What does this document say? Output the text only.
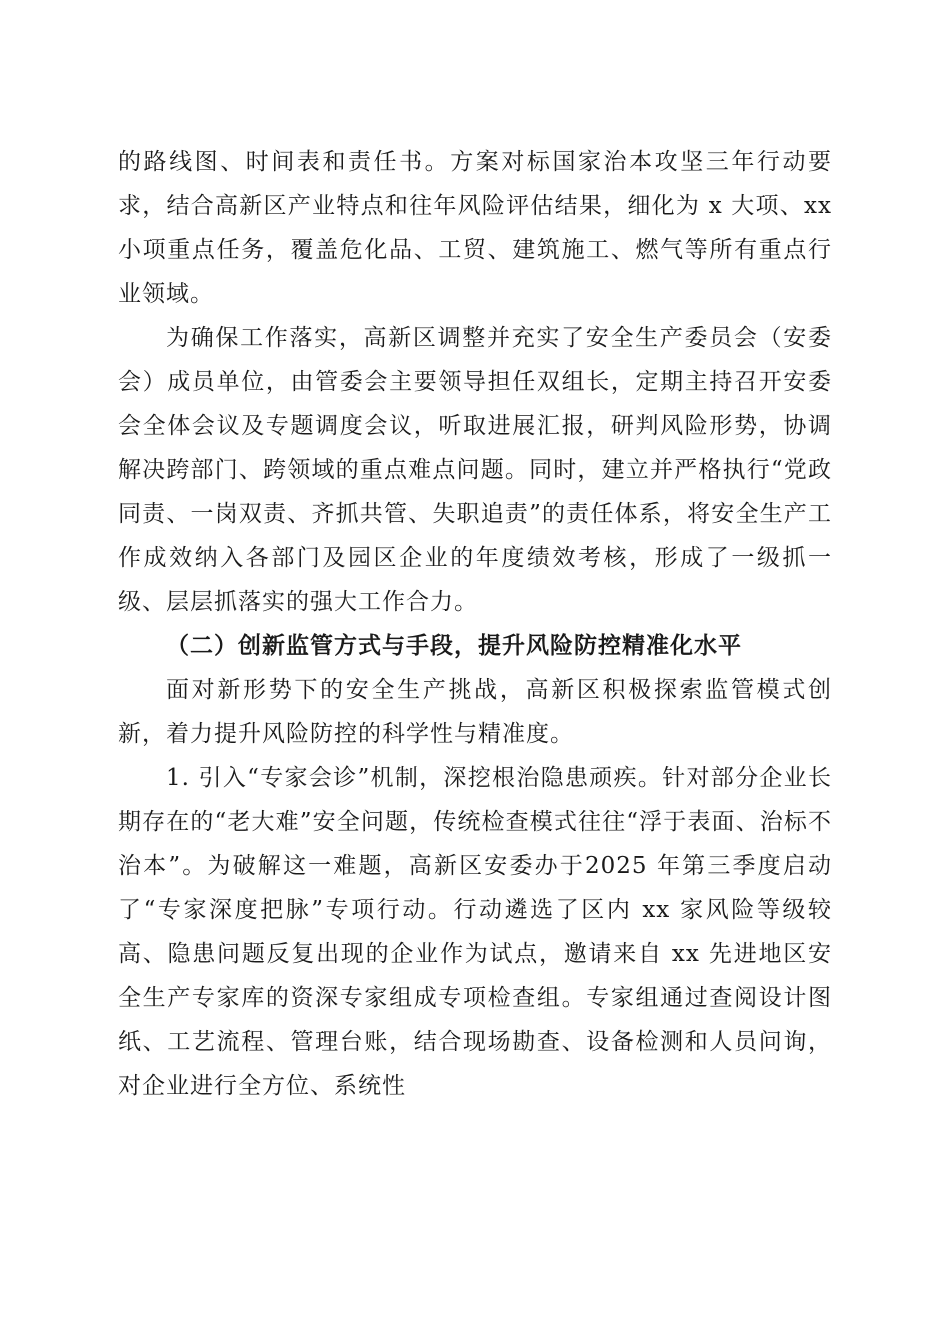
的路线图、时间表和责任书。方案对标国家治本攻坚三年行动要求，结合高新区产业特点和往年风险评估结果，细化为 x 大项、xx 小项重点任务，覆盖危化品、工贸、建筑施工、燃气等所有重点行业领域。

为确保工作落实，高新区调整并充实了安全生产委员会（安委会）成员单位，由管委会主要领导担任双组长，定期主持召开安委会全体会议及专题调度会议，听取进展汇报，研判风险形势，协调解决跨部门、跨领域的重点难点问题。同时，建立并严格执行“党政同责、一岗双责、齐抓共管、失职追责”的责任体系，将安全生产工作成效纳入各部门及园区企业的年度绩效考核，形成了一级抓一级、层层抓落实的强大工作合力。

（二）创新监管方式与手段，提升风险防控精准化水平

面对新形势下的安全生产挑战，高新区积极探索监管模式创新，着力提升风险防控的科学性与精准度。

1. 引入“专家会诊”机制，深挖根治隐患顽疾。针对部分企业长期存在的“老大难”安全问题，传统检查模式往往“浮于表面、治标不治本”。为破解这一难题，高新区安委办于2025 年第三季度启动了“专家深度把脉”专项行动。行动遴选了区内 xx 家风险等级较高、隐患问题反复出现的企业作为试点，邀请来自 xx 先进地区安全生产专家库的资深专家组成专项检查组。专家组通过查阅设计图纸、工艺流程、管理台账，结合现场勘查、设备检测和人员问询，对企业进行全方位、系统性
